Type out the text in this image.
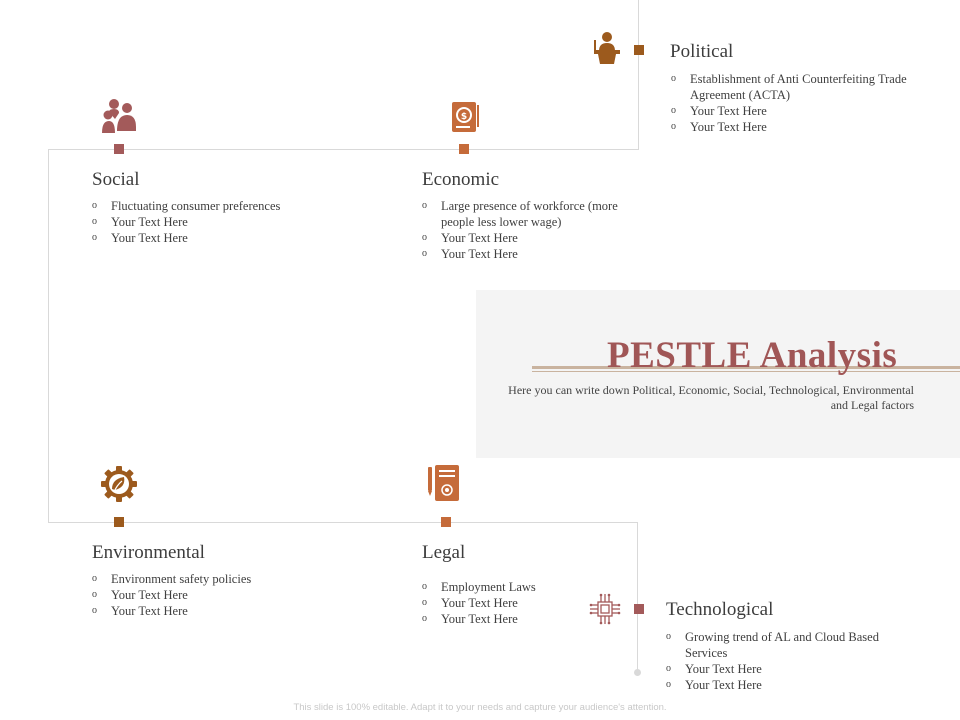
Political
o Establishment of Anti Counterfeiting Trade Agreement (ACTA)
o Your Text Here
o Your Text Here
Social
o Fluctuating consumer preferences
o Your Text Here
o Your Text Here
$
Economic
o Large presence of workforce (more people less lower wage)
o Your Text Here
o Your Text Here
PESTLE Analysis
Here you can write down Political, Economic, Social, Technological, Environmental and Legal factors
Environmental
o Environment safety policies
o Your Text Here
o Your Text Here
Legal
o Employment Laws
o Your Text Here
o Your Text Here	Technological
o Growing trend of AL and Cloud Based Services
o Your Text Here
o Your Text Here
This slide is 100% editable. Adapt it to your needs and capture your audience's attention.
